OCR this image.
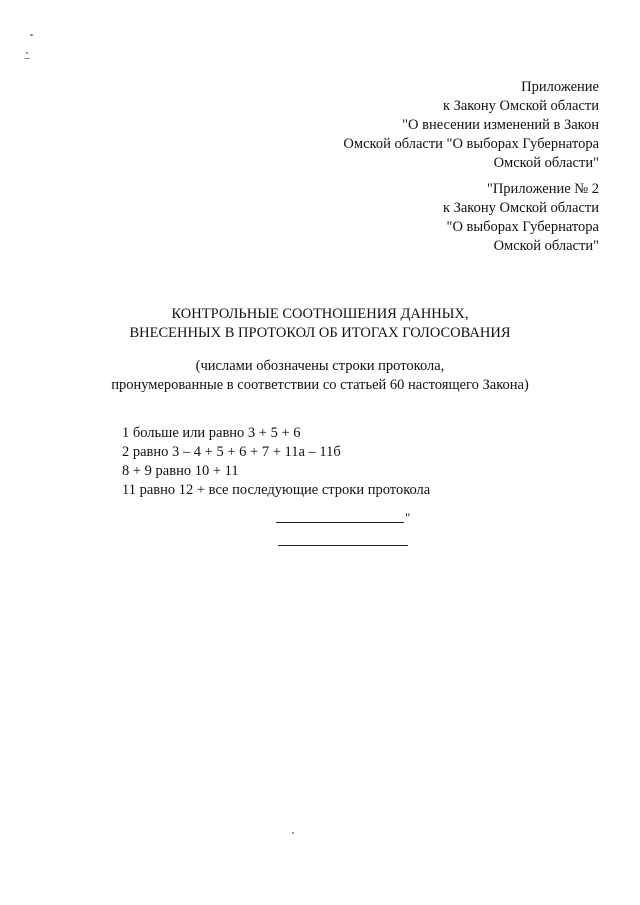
Приложение
к Закону Омской области
"О внесении изменений в Закон
Омской области "О выборах Губернатора
Омской области"
"Приложение № 2
к Закону Омской области
"О выборах Губернатора
Омской области"
КОНТРОЛЬНЫЕ СООТНОШЕНИЯ ДАННЫХ,
ВНЕСЕННЫХ В ПРОТОКОЛ ОБ ИТОГАХ ГОЛОСОВАНИЯ
(числами обозначены строки протокола,
пронумерованные в соответствии со статьей 60 настоящего Закона)
1 больше или равно 3 + 5 + 6
2 равно 3 – 4 + 5 + 6 + 7 + 11а – 11б
8 + 9 равно 10 + 11
11 равно 12 + все последующие строки протокола
"
